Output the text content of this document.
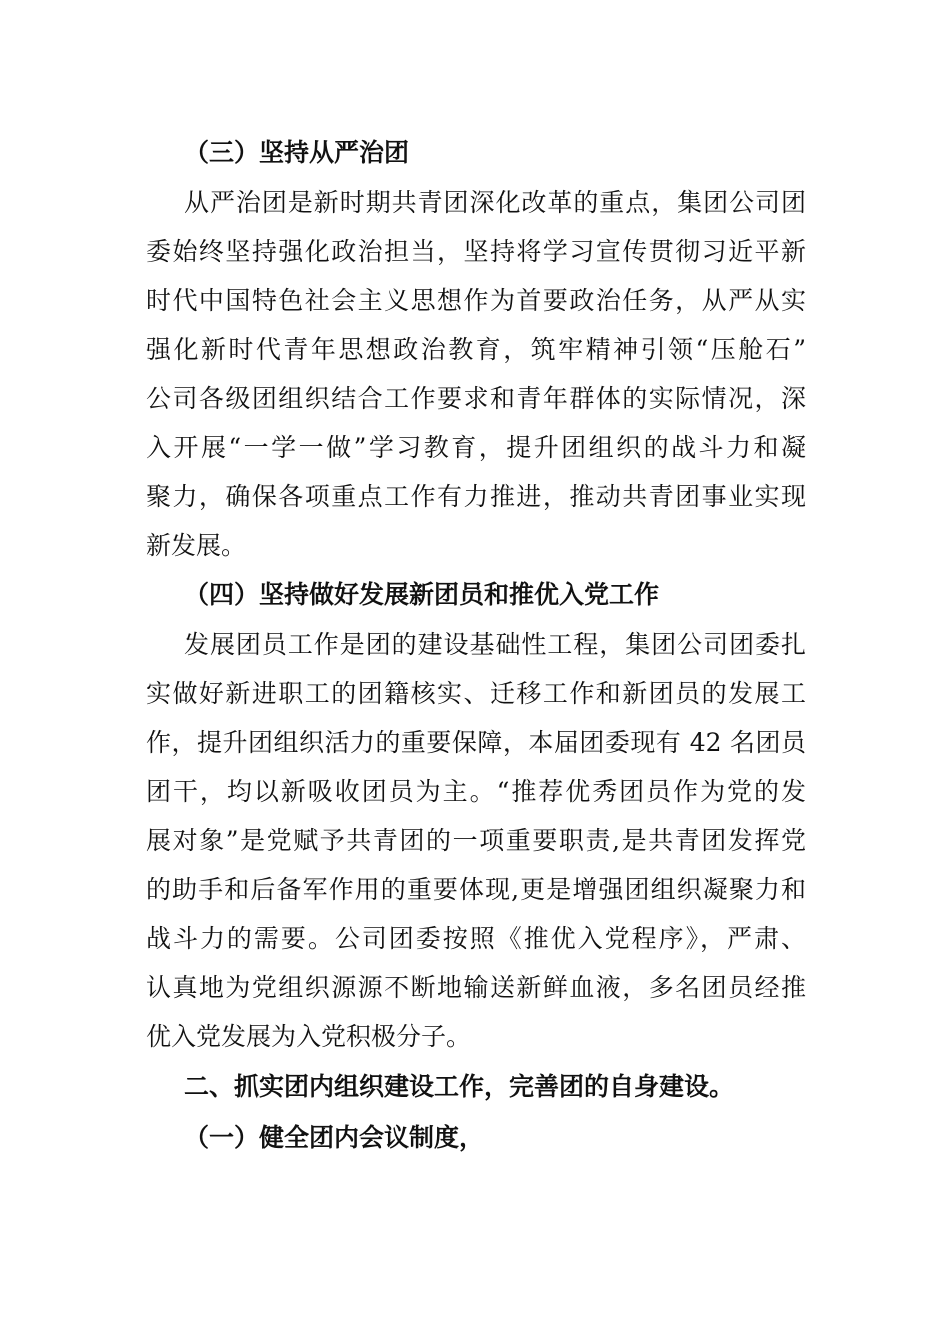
（三）坚持从严治团

从严治团是新时期共青团深化改革的重点，集团公司团
委始终坚持强化政治担当，坚持将学习宣传贯彻习近平新
时代中国特色社会主义思想作为首要政治任务，从严从实
强化新时代青年思想政治教育，筑牢精神引领“压舱石”
公司各级团组织结合工作要求和青年群体的实际情况，深
入开展“一学一做”学习教育，提升团组织的战斗力和凝
聚力，确保各项重点工作有力推进，推动共青团事业实现
新发展。

（四）坚持做好发展新团员和推优入党工作

发展团员工作是团的建设基础性工程，集团公司团委扎
实做好新进职工的团籍核实、迁移工作和新团员的发展工
作，提升团组织活力的重要保障，本届团委现有 42 名团员
团干，均以新吸收团员为主。“推荐优秀团员作为党的发
展对象”是党赋予共青团的一项重要职责,是共青团发挥党
的助手和后备军作用的重要体现,更是增强团组织凝聚力和
战斗力的需要。公司团委按照《推优入党程序》，严肃、
认真地为党组织源源不断地输送新鲜血液，多名团员经推
优入党发展为入党积极分子。

二、抓实团内组织建设工作，完善团的自身建设。

（一）健全团内会议制度，
